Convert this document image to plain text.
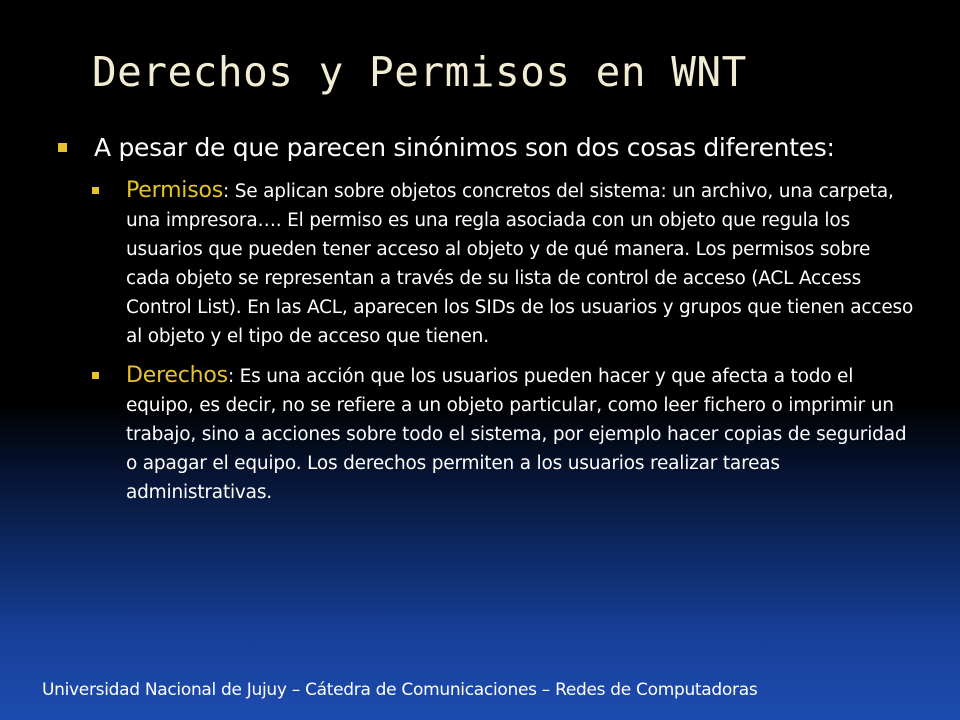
Derechos y Permisos en WNT
A pesar de que parecen sinónimos son dos cosas diferentes:
Permisos: Se aplican sobre objetos concretos del sistema: un archivo, una carpeta, una impresora…. El permiso es una regla asociada con un objeto que regula los usuarios que pueden tener acceso al objeto y de qué manera. Los permisos sobre cada objeto se representan a través de su lista de control de acceso (ACL Access Control List). En las ACL, aparecen los SIDs de los usuarios y grupos que tienen acceso al objeto y el tipo de acceso que tienen.
Derechos: Es una acción que los usuarios pueden hacer y que afecta a todo el equipo, es decir, no se refiere a un objeto particular, como leer fichero o imprimir un trabajo, sino a acciones sobre todo el sistema, por ejemplo hacer copias de seguridad o apagar el equipo. Los derechos permiten a los usuarios realizar tareas administrativas.
Universidad Nacional de Jujuy – Cátedra de Comunicaciones – Redes de Computadoras
